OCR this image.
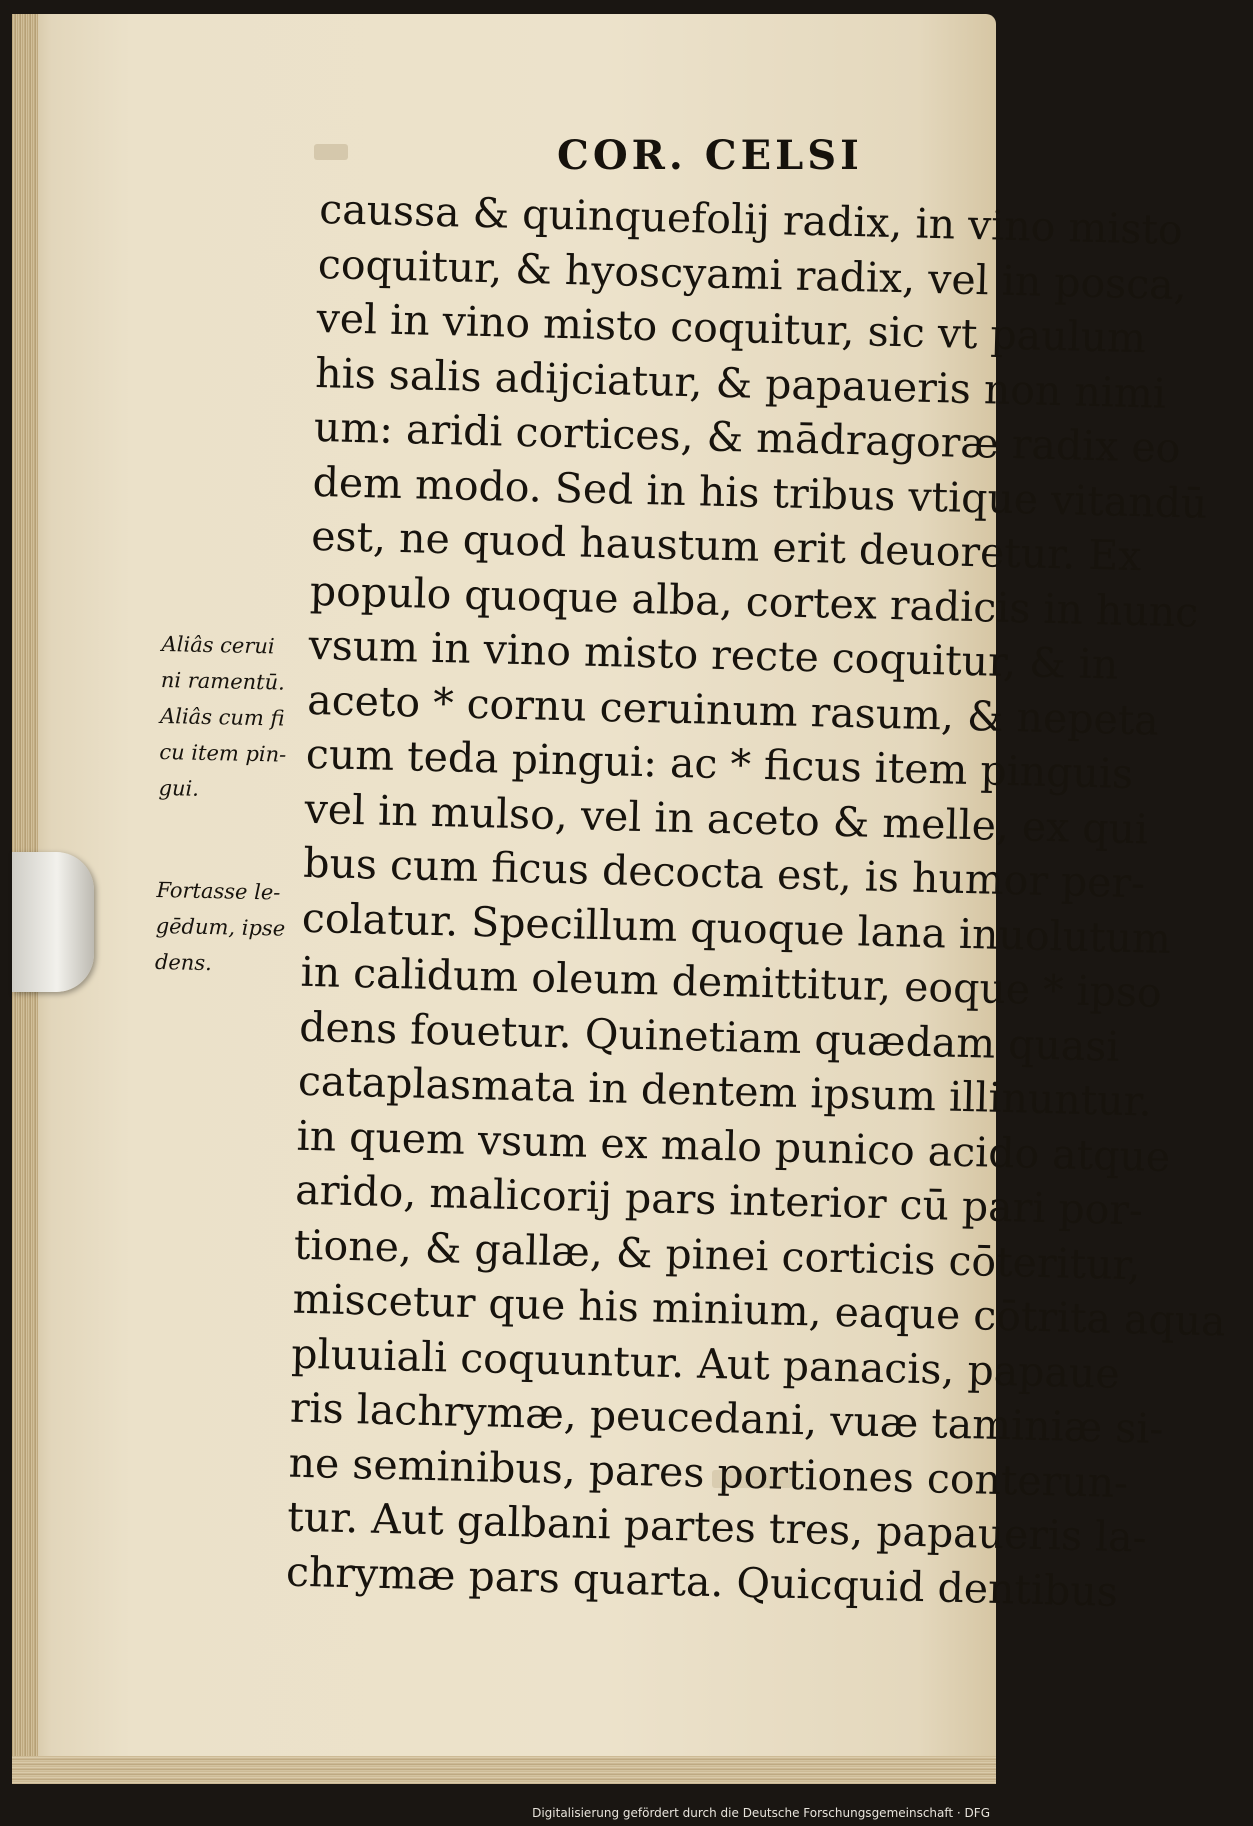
COR. CELSI
caussa & quinquefolij radix, in vino misto
coquitur, & hyoscyami radix, vel in posca,
vel in vino misto coquitur, sic vt paulum
his salis adijciatur, & papaueris non nimi
um: aridi cortices, & mādragoræ radix eo
dem modo. Sed in his tribus vtique vitandū
est, ne quod haustum erit deuoretur. Ex
populo quoque alba, cortex radicis in hunc
vsum in vino misto recte coquitur, & in
aceto * cornu ceruinum rasum, & nepeta
cum teda pingui: ac * ficus item pinguis
vel in mulso, vel in aceto & melle, ex qui
bus cum ficus decocta est, is humor per-
colatur. Specillum quoque lana inuolutum
in calidum oleum demittitur, eoque * ipso
dens fouetur. Quinetiam quædam quasi
cataplasmata in dentem ipsum illinuntur.
in quem vsum ex malo punico acido atque
arido, malicorij pars interior cū pari por-
tione, & gallæ, & pinei corticis cōteritur,
miscetur que his minium, eaque cōtrita aqua
pluuiali coquuntur. Aut panacis, papaue
ris lachrymæ, peucedani, vuæ taminiæ si-
ne seminibus, pares portiones conterun-
tur. Aut galbani partes tres, papaueris la-
chrymæ pars quarta. Quicquid dentibus
Aliâs cerui
ni ramentū.
Aliâs cum fi
cu item pin-
gui.
Fortasse le-
gēdum, ipse
dens.
Digitalisierung gefördert durch die Deutsche Forschungsgemeinschaft · DFG
